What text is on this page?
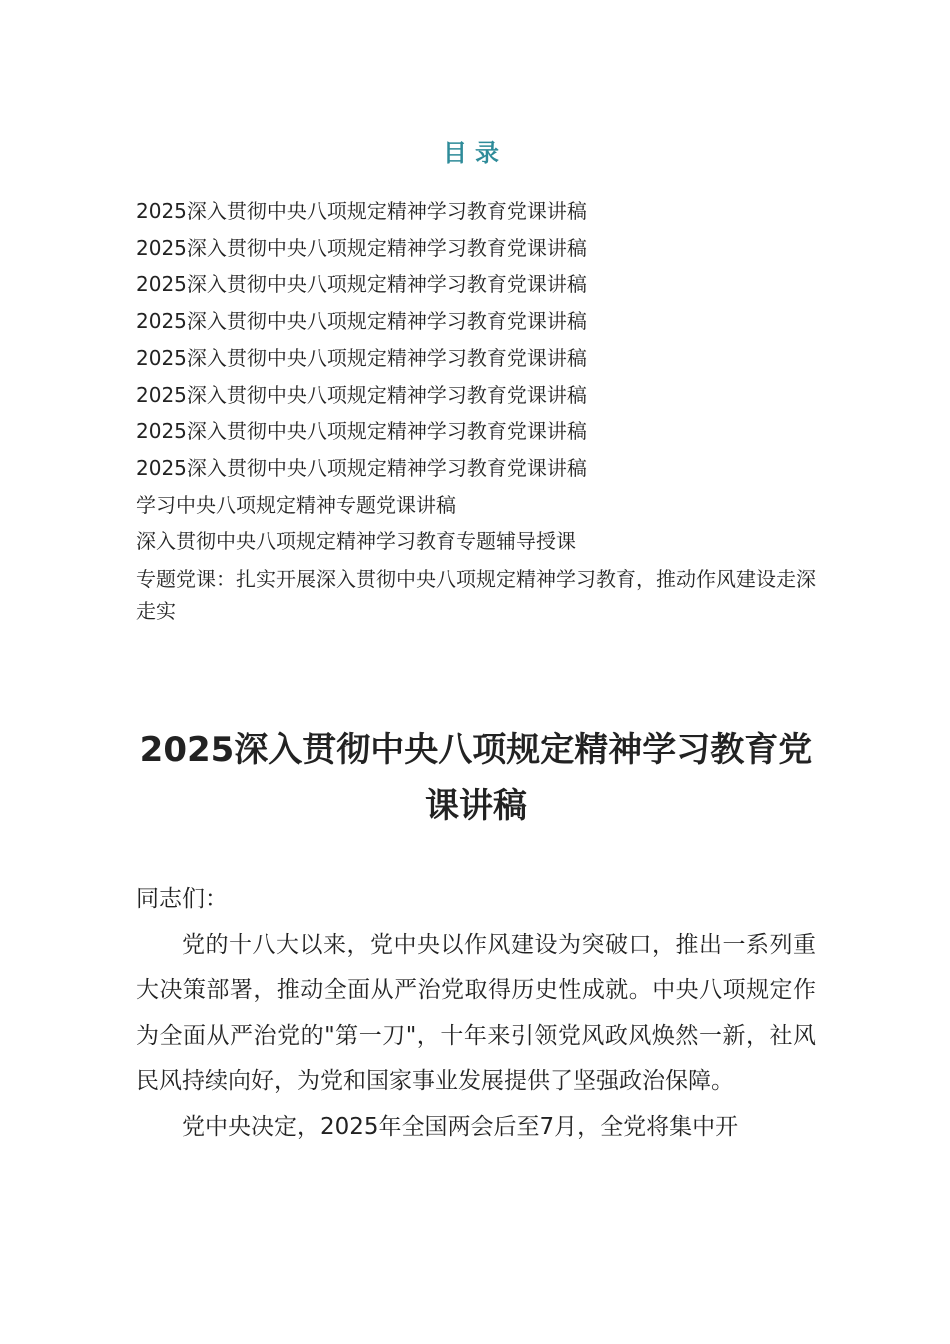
目录
2025深入贯彻中央八项规定精神学习教育党课讲稿
2025深入贯彻中央八项规定精神学习教育党课讲稿
2025深入贯彻中央八项规定精神学习教育党课讲稿
2025深入贯彻中央八项规定精神学习教育党课讲稿
2025深入贯彻中央八项规定精神学习教育党课讲稿
2025深入贯彻中央八项规定精神学习教育党课讲稿
2025深入贯彻中央八项规定精神学习教育党课讲稿
2025深入贯彻中央八项规定精神学习教育党课讲稿
学习中央八项规定精神专题党课讲稿
深入贯彻中央八项规定精神学习教育专题辅导授课
专题党课：扎实开展深入贯彻中央八项规定精神学习教育，推动作风建设走深走实
2025深入贯彻中央八项规定精神学习教育党课讲稿

同志们：

党的十八大以来，党中央以作风建设为突破口，推出一系列重大决策部署，推动全面从严治党取得历史性成就。中央八项规定作为全面从严治党的"第一刀"，十年来引领党风政风焕然一新，社风民风持续向好，为党和国家事业发展提供了坚强政治保障。

党中央决定，2025年全国两会后至7月，全党将集中开
